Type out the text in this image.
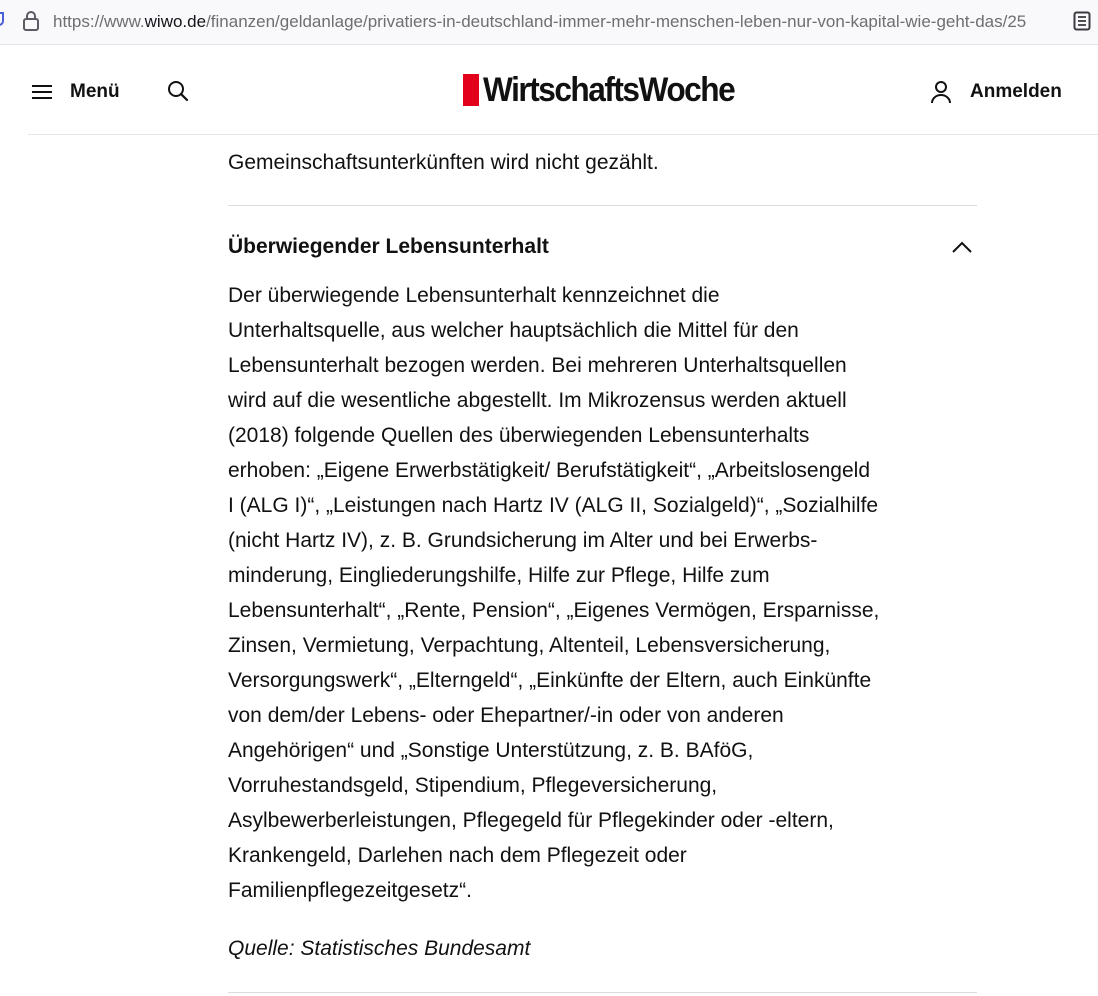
https://www.wiwo.de/finanzen/geldanlage/privatiers-in-deutschland-immer-mehr-menschen-leben-nur-von-kapital-wie-geht-das/25
Menü	WirtschaftsWoche	Anmelden
Gemeinschaftsunterkünften wird nicht gezählt.
Überwiegender Lebensunterhalt
Der überwiegende Lebensunterhalt kennzeichnet die
Unterhaltsquelle, aus welcher hauptsächlich die Mittel für den
Lebensunterhalt bezogen werden. Bei mehreren Unterhaltsquellen
wird auf die wesentliche abgestellt. Im Mikrozensus werden aktuell
(2018) folgende Quellen des überwiegenden Lebensunterhalts
erhoben: „Eigene Erwerbstätigkeit/ Berufstätigkeit“, „Arbeitslosengeld
I (ALG I)“, „Leistungen nach Hartz IV (ALG II, Sozialgeld)“, „Sozialhilfe
(nicht Hartz IV), z. B. Grundsicherung im Alter und bei Erwerbs-
minderung, Eingliederungshilfe, Hilfe zur Pflege, Hilfe zum
Lebensunterhalt“, „Rente, Pension“, „Eigenes Vermögen, Ersparnisse,
Zinsen, Vermietung, Verpachtung, Altenteil, Lebensversicherung,
Versorgungswerk“, „Elterngeld“, „Einkünfte der Eltern, auch Einkünfte
von dem/der Lebens- oder Ehepartner/-in oder von anderen
Angehörigen“ und „Sonstige Unterstützung, z. B. BAföG,
Vorruhestandsgeld, Stipendium, Pflegeversicherung,
Asylbewerberleistungen, Pflegegeld für Pflegekinder oder -eltern,
Krankengeld, Darlehen nach dem Pflegezeit oder
Familienpflegezeitgesetz“.
Quelle: Statistisches Bundesamt
